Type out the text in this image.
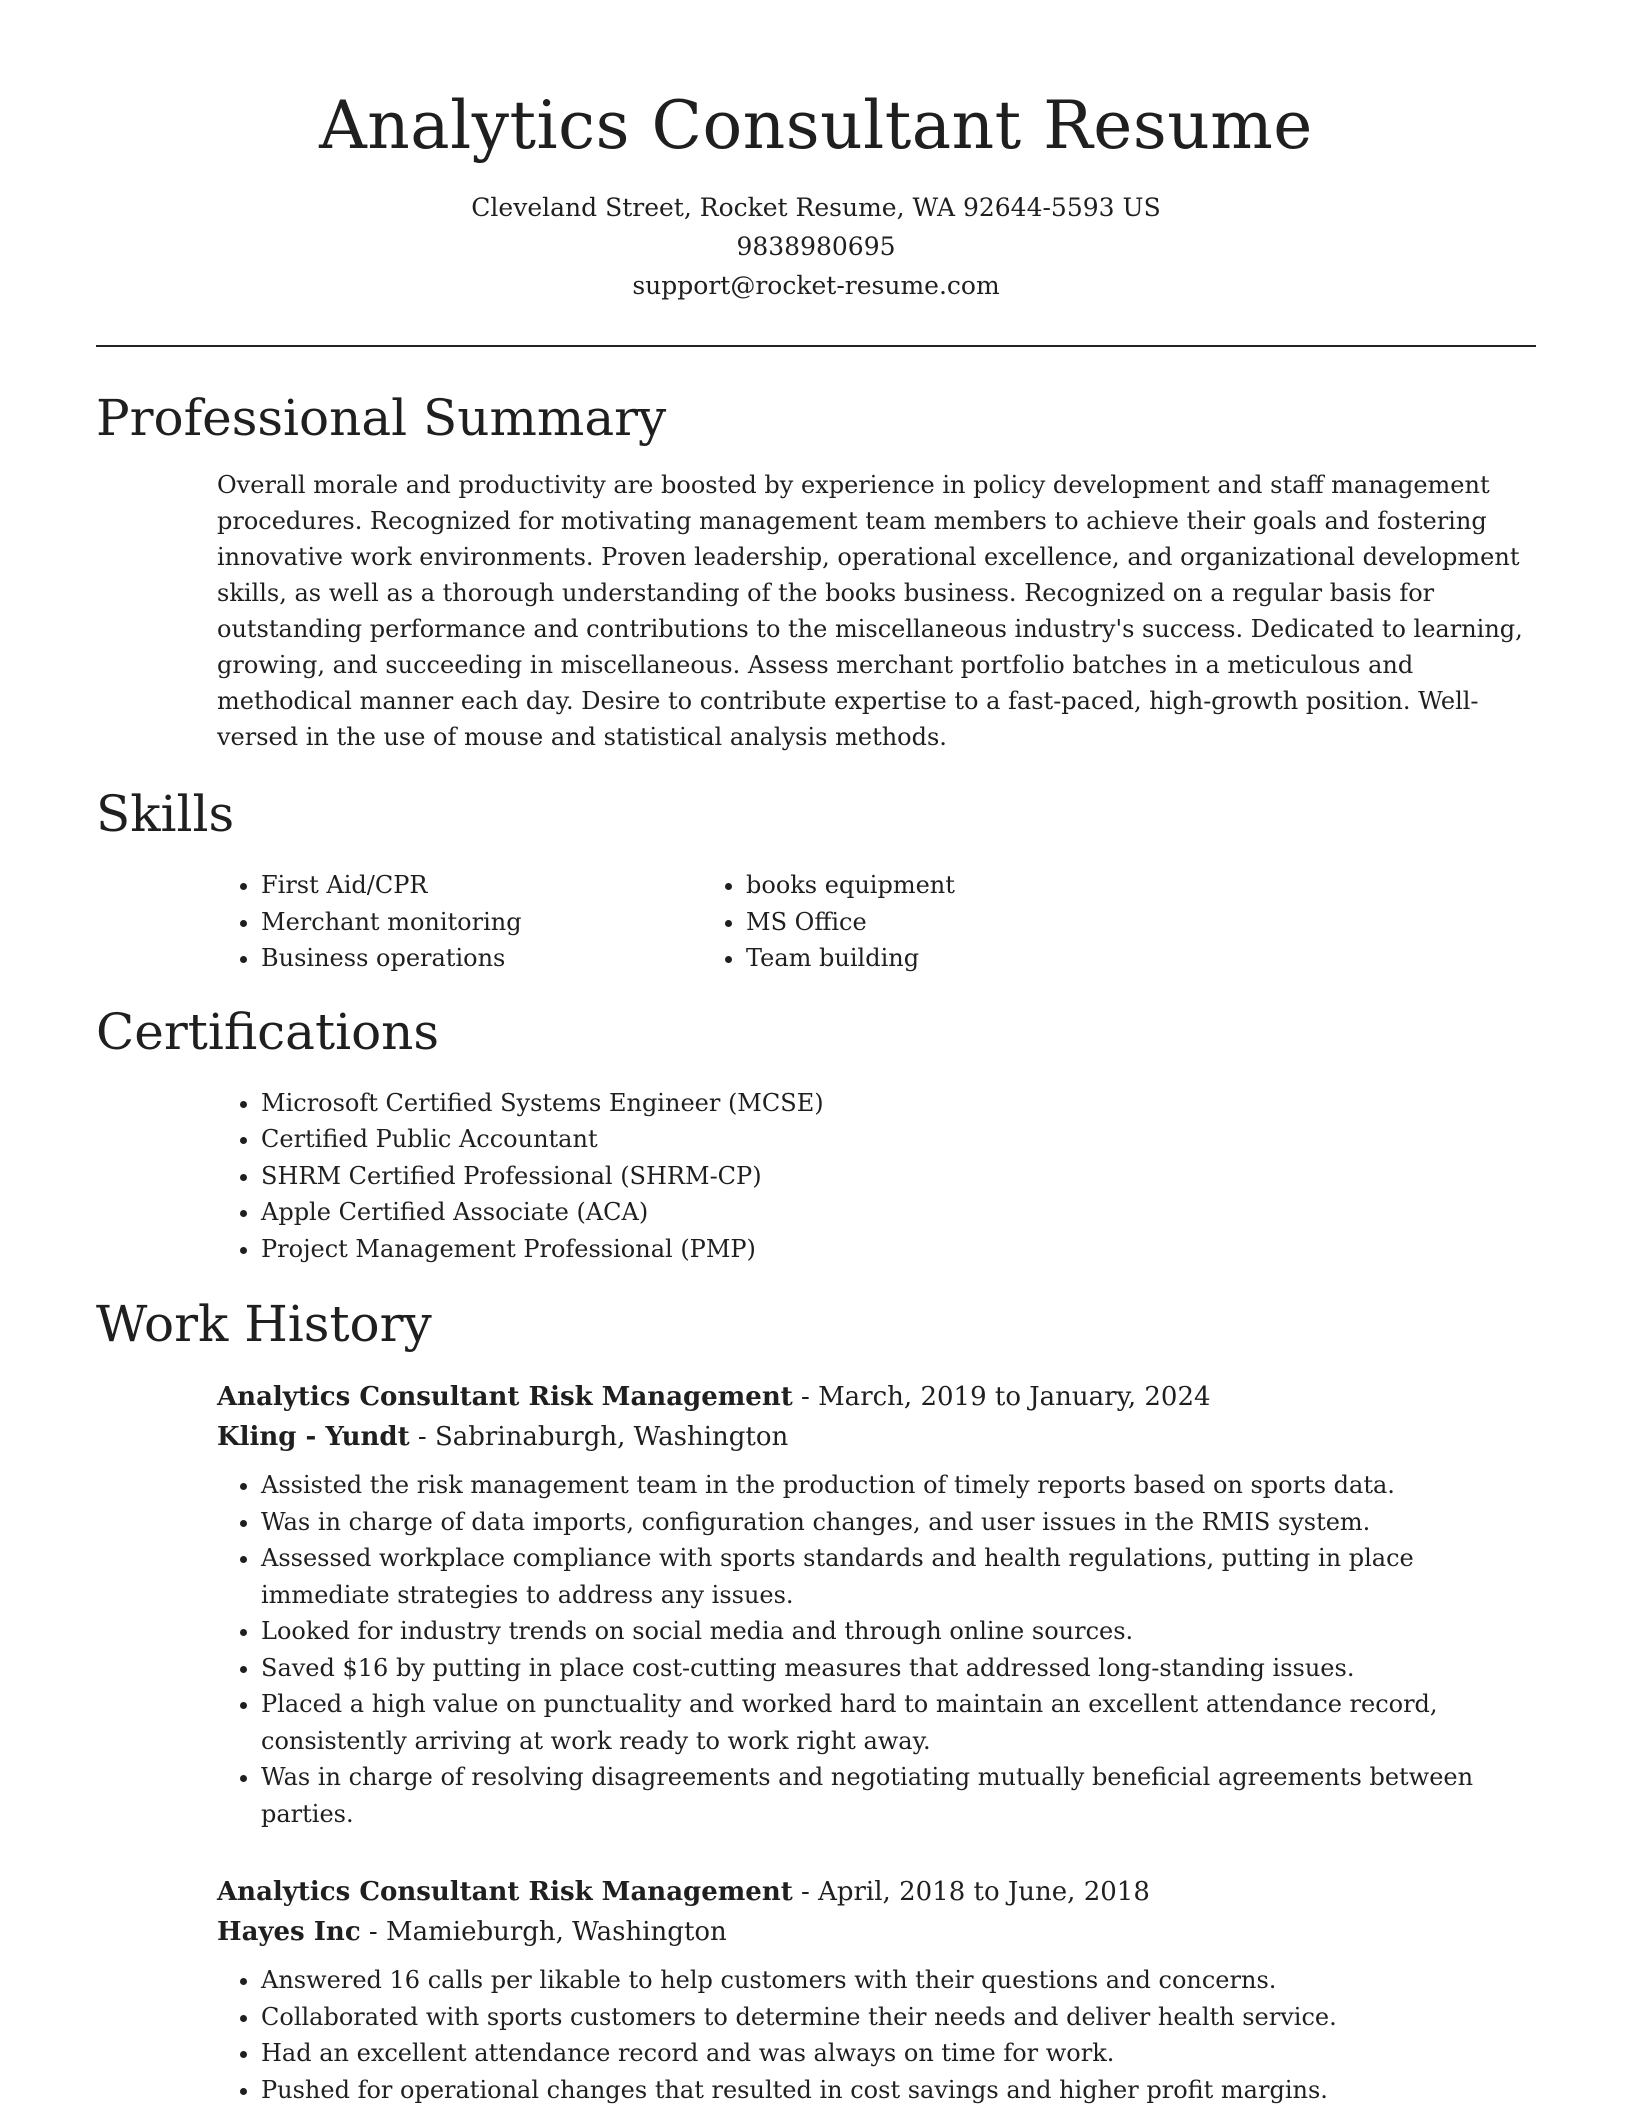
Analytics Consultant Resume
Cleveland Street, Rocket Resume, WA 92644-5593 US
9838980695
support@rocket-resume.com
Professional Summary

Overall morale and productivity are boosted by experience in policy development and staff management procedures. Recognized for motivating management team members to achieve their goals and fostering innovative work environments. Proven leadership, operational excellence, and organizational development skills, as well as a thorough understanding of the books business. Recognized on a regular basis for outstanding performance and contributions to the miscellaneous industry's success. Dedicated to learning, growing, and succeeding in miscellaneous. Assess merchant portfolio batches in a meticulous and methodical manner each day. Desire to contribute expertise to a fast-paced, high-growth position. Well-versed in the use of mouse and statistical analysis methods.

Skills
• First Aid/CPR
• Merchant monitoring
• Business operations
• books equipment
• MS Office
• Team building
Certifications
• Microsoft Certified Systems Engineer (MCSE)
• Certified Public Accountant
• SHRM Certified Professional (SHRM-CP)
• Apple Certified Associate (ACA)
• Project Management Professional (PMP)
Work History
Analytics Consultant Risk Management - March, 2019 to January, 2024
Kling - Yundt - Sabrinaburgh, Washington
• Assisted the risk management team in the production of timely reports based on sports data.
• Was in charge of data imports, configuration changes, and user issues in the RMIS system.
• Assessed workplace compliance with sports standards and health regulations, putting in place immediate strategies to address any issues.
• Looked for industry trends on social media and through online sources.
• Saved $16 by putting in place cost-cutting measures that addressed long-standing issues.
• Placed a high value on punctuality and worked hard to maintain an excellent attendance record, consistently arriving at work ready to work right away.
• Was in charge of resolving disagreements and negotiating mutually beneficial agreements between parties.
Analytics Consultant Risk Management - April, 2018 to June, 2018
Hayes Inc - Mamieburgh, Washington
• Answered 16 calls per likable to help customers with their questions and concerns.
• Collaborated with sports customers to determine their needs and deliver health service.
• Had an excellent attendance record and was always on time for work.
• Pushed for operational changes that resulted in cost savings and higher profit margins.
